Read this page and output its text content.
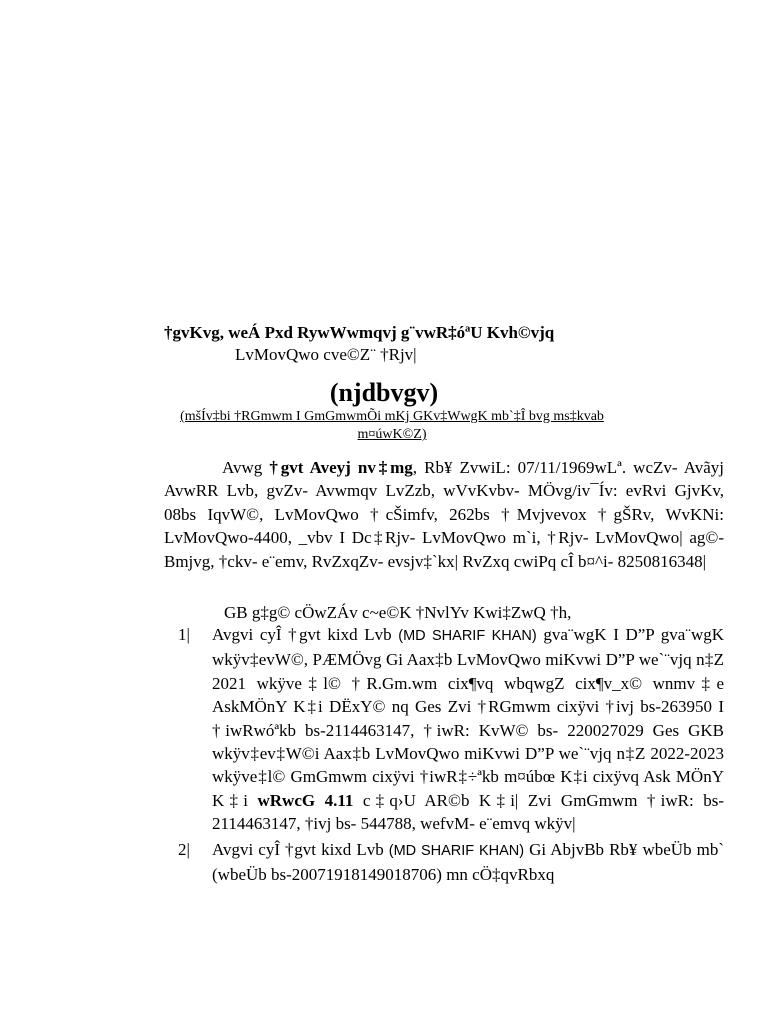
†gvKvg, weÁ Pxd RywWwmqvj g¨vwR‡óªU Kvh©vjq
LvMovQwo cve©Z¨ †Rjv|
(njdbvgv)
(mšÍv‡bi †RGmwm I GmGmwmÕi mKj GKv‡WwgK mb`‡Î bvg ms‡kvab m¤úwK©Z)

Avwg †gvt Aveyj nv‡mg, Rb¥ ZvwiL: 07/11/1969wLª. wcZv- Avãyj AvwRR Lvb, gvZv- Avwmqv LvZzb, wVvKvbv- MÖvg/iv¯Ív: evRvi GjvKv, 08bs IqvW©, LvMovQwo †cŠimfv, 262bs †Mvjvevox †gŠRv, WvKNi: LvMovQwo-4400, _vbv I Dc‡Rjv- LvMovQwo m`i, †Rjv- LvMovQwo| ag©- Bmjvg, †ckv- e¨emv, RvZxqZv- evsjv‡`kx| RvZxq cwiPq cÎ b¤^i- 8250816348|

GB g‡g© cÖwZÁv c~e©K †NvlYv Kwi‡ZwQ †h,
1|	Avgvi cyÎ †gvt kixd Lvb (MD SHARIF KHAN) gva¨wgK I D”P gva¨wgK wkÿv‡evW©, PÆMÖvg Gi Aax‡b LvMovQwo miKvwi D”P we`¨vjq n‡Z 2021 wkÿve‡l© †R.Gm.wm cix¶vq wbqwgZ cix¶v_x© wnmv‡e AskMÖnY K‡i DËxY© nq Ges Zvi †RGmwm cixÿvi †ivj bs-263950 I †iwRwóªkb bs-2114463147, †iwR: KvW© bs- 220027029 Ges GKB wkÿv‡ev‡W©i Aax‡b LvMovQwo miKvwi D”P we`¨vjq n‡Z 2022-2023 wkÿve‡l© GmGmwm cixÿvi †iwR‡÷ªkb m¤úbœ K‡i cixÿvq Ask MÖnY K‡i wRwcG 4.11 c‡q›U AR©b K‡i| Zvi GmGmwm †iwR: bs-2114463147, †ivj bs- 544788, wefvM- e¨emvq wkÿv|
2|	Avgvi cyÎ †gvt kixd Lvb (MD SHARIF KHAN) Gi AbjvBb Rb¥ wbeÜb mb` (wbeÜb bs-20071918149018706) mn cÖ‡qvRbxq
